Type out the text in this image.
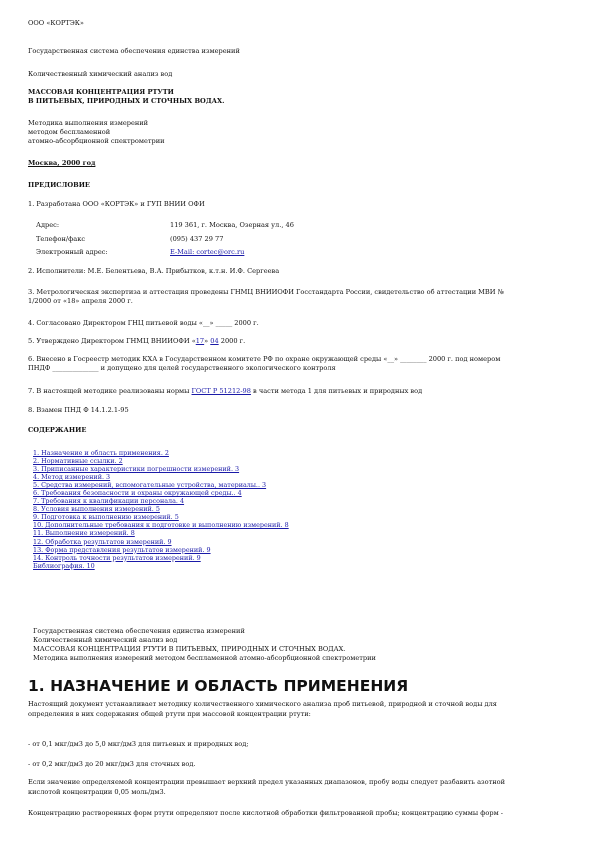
ООО «КОРТЭК»
Государственная система обеспечения единства измерений
Количественный химический анализ вод
МАССОВАЯ КОНЦЕНТРАЦИЯ РТУТИ
В ПИТЬЕВЫХ, ПРИРОДНЫХ И СТОЧНЫХ ВОДАХ.
Методика выполнения измерений
методом беспламенной
атомно-абсорбционной спектрометрии
Москва, 2000 год
ПРЕДИСЛОВИЕ
1. Разработана ООО «КОРТЭК» и ГУП ВНИИ ОФИ
Адрес:	119 361, г. Москва, Озерная ул., 46
Телефон/факс	(095) 437 29 77
Электронный адрес:	E-Mail: cortec@orc.ru
2. Исполнители: М.Е. Белентьева, В.А. Прибытков, к.т.н. И.Ф. Сергеева
3. Метрологическая экспертиза и аттестация проведены ГНМЦ ВНИИОФИ Госстандарта России, свидетельство об аттестации МВИ №
1/2000 от «18» апреля 2000 г.
4. Согласовано Директором ГНЦ питьевой воды «__» _____ 2000 г.
5. Утверждено Директором ГНМЦ ВНИИОФИ «17» 04 2000 г.
6. Внесено в Госреестр методик КХА в Государственном комитете РФ по охране окружающей среды «__» ________ 2000 г. под номером
ПНДФ ______________ и допущено для целей государственного экологического контроля
7. В настоящей методике реализованы нормы ГОСТ Р 51212-98 в части метода 1 для питьевых и природных вод
8. Взамен ПНД Ф 14.1.2.1-95
СОДЕРЖАНИЕ
1. Назначение и область применения. 2
2. Нормативные ссылки. 2
3. Приписанные характеристики погрешности измерений. 3
4. Метод измерений. 3
5. Средства измерений, вспомогательные устройства, материалы.. 3
6. Требования безопасности и охраны окружающей среды.. 4
7. Требования к квалификации персонала. 4
8. Условия выполнения измерений. 5
9. Подготовка к выполнению измерений. 5
10. Дополнительные требования к подготовке и выполнению измерений. 8
11. Выполнение измерений. 8
12. Обработка результатов измерений. 9
13. Форма представления результатов измерений. 9
14. Контроль точности результатов измерений. 9
Библиография. 10
Государственная система обеспечения единства измерений
Количественный химический анализ вод
МАССОВАЯ КОНЦЕНТРАЦИЯ РТУТИ В ПИТЬЕВЫХ, ПРИРОДНЫХ И СТОЧНЫХ ВОДАХ.
Методика выполнения измерений методом беспламенной атомно-абсорбционной спектрометрии
1. НАЗНАЧЕНИЕ И ОБЛАСТЬ ПРИМЕНЕНИЯ
Настоящий документ устанавливает методику количественного химического анализа проб питьевой, природной и сточной воды для
определения в них содержания общей ртути при массовой концентрации ртути:
- от 0,1 мкг/дм3 до 5,0 мкг/дм3 для питьевых и природных вод;
- от 0,2 мкг/дм3 до 20 мкг/дм3 для сточных вод.
Если значение определяемой концентрации превышает верхний предел указанных диапазонов, пробу воды следует разбавить азотной
кислотой концентрации 0,05 моль/дм3.
Концентрацию растворенных форм ртути определяют после кислотной обработки фильтрованной пробы; концентрацию суммы форм -
